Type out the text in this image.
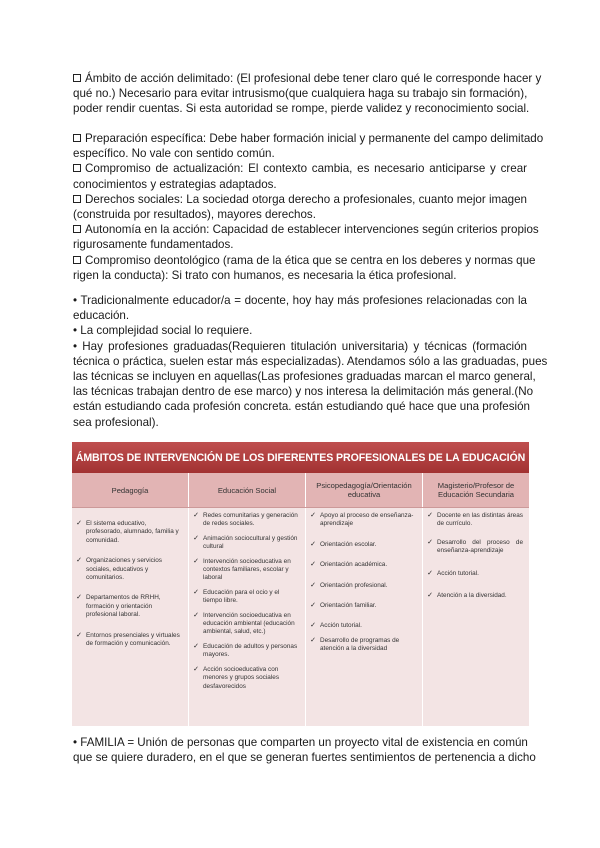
Ámbito de acción delimitado: (El profesional debe tener claro qué le corresponde hacer y

qué no.) Necesario para evitar intrusismo(que cualquiera haga su trabajo sin formación),

poder rendir cuentas. Si esta autoridad se rompe, pierde validez y reconocimiento social.

Preparación específica: Debe haber formación inicial y permanente del campo delimitado

específico. No vale con sentido común.

Compromiso de actualización: El contexto cambia, es necesario anticiparse y crear

conocimientos y estrategias adaptados.

Derechos sociales: La sociedad otorga derecho a profesionales, cuanto mejor imagen

(construida por resultados), mayores derechos.

Autonomía en la acción: Capacidad de establecer intervenciones según criterios propios

rigurosamente fundamentados.

Compromiso deontológico (rama de la ética que se centra en los deberes y normas que

rigen la conducta): Si trato con humanos, es necesaria la ética profesional.

• Tradicionalmente educador/a = docente, hoy hay más profesiones relacionadas con la

educación.

• La complejidad social lo requiere.

• Hay profesiones graduadas(Requieren titulación universitaria) y técnicas (formación

técnica o práctica, suelen estar más especializadas). Atendamos sólo a las graduadas, pues

las técnicas se incluyen en aquellas(Las profesiones graduadas marcan el marco general,

las técnicas trabajan dentro de ese marco) y nos interesa la delimitación más general.(No

están estudiando cada profesión concreta. están estudiando qué hace que una profesión

sea profesional).

ÁMBITOS DE INTERVENCIÓN DE LOS DIFERENTES PROFESIONALES DE LA EDUCACIÓN
Pedagogía	Educación Social	Psicopedagogía/Orientación educativa
Magisterio/Profesor de Educación Secundaria
✓ El sistema educativo, profesorado, alumnado, familia y comunidad.
✓ Organizaciones y servicios sociales, educativos y comunitarios.
✓ Departamentos de RRHH, formación y orientación profesional laboral.
✓ Entornos presenciales y virtuales de formación y comunicación.
✓ Redes comunitarias y generación de redes sociales.
✓ Animación sociocultural y gestión cultural
✓ Intervención socioeducativa en contextos familiares, escolar y laboral
✓ Educación para el ocio y el tiempo libre.
✓ Intervención socioeducativa en educación ambiental (educación ambiental, salud, etc.)
✓ Educación de adultos y personas mayores.
✓ Acción socioeducativa con menores y grupos sociales desfavorecidos
✓ Apoyo al proceso de enseñanza-aprendizaje
✓ Orientación escolar.
✓ Orientación académica.
✓ Orientación profesional.
✓ Orientación familiar.
✓ Acción tutorial.
✓ Desarrollo de programas de atención a la diversidad
✓ Docente en las distintas áreas de currículo.
✓ Desarrollo del proceso de enseñanza-aprendizaje
✓ Acción tutorial.
✓ Atención a la diversidad.

• FAMILIA = Unión de personas que comparten un proyecto vital de existencia en común

que se quiere duradero, en el que se generan fuertes sentimientos de pertenencia a dicho
